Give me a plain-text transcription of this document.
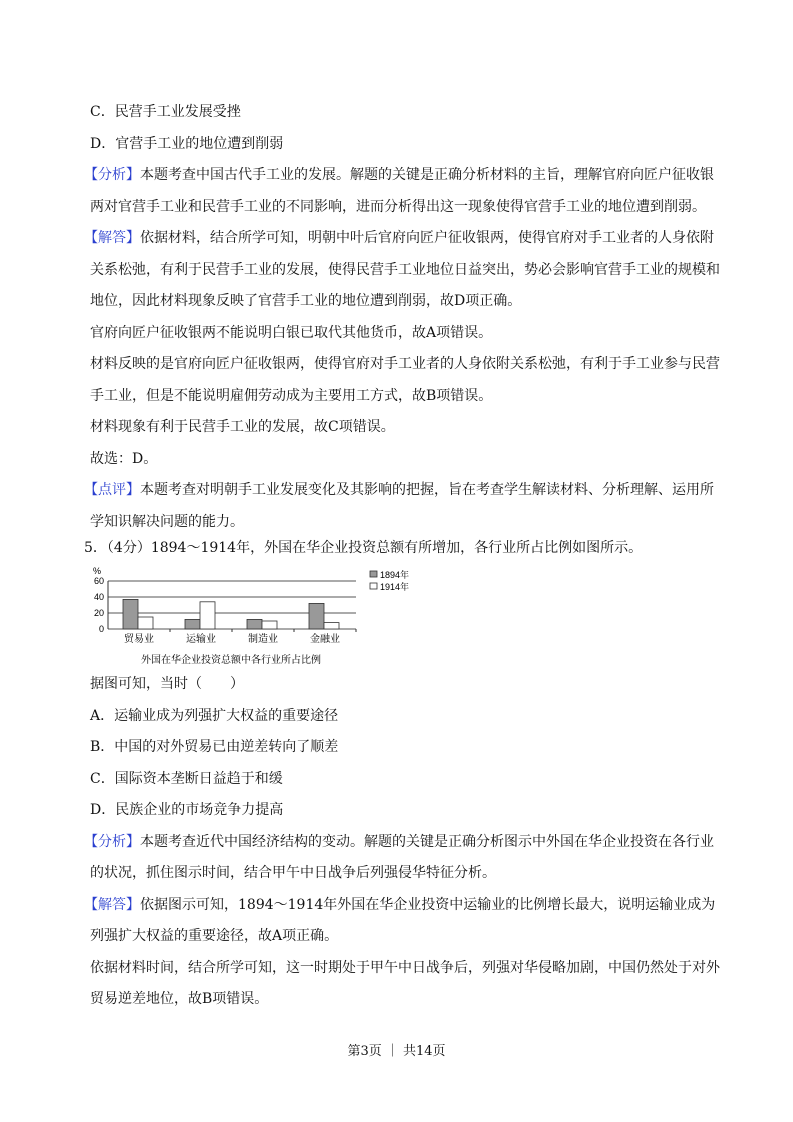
C．民营手工业发展受挫

D．官营手工业的地位遭到削弱

【分析】本题考查中国古代手工业的发展。解题的关键是正确分析材料的主旨，理解官府向匠户征收银两对官营手工业和民营手工业的不同影响，进而分析得出这一现象使得官营手工业的地位遭到削弱。

【解答】依据材料，结合所学可知，明朝中叶后官府向匠户征收银两，使得官府对手工业者的人身依附关系松弛，有利于民营手工业的发展，使得民营手工业地位日益突出，势必会影响官营手工业的规模和地位，因此材料现象反映了官营手工业的地位遭到削弱，故D项正确。

官府向匠户征收银两不能说明白银已取代其他货币，故A项错误。

材料反映的是官府向匠户征收银两，使得官府对手工业者的人身依附关系松弛，有利于手工业参与民营手工业，但是不能说明雇佣劳动成为主要用工方式，故B项错误。

材料现象有利于民营手工业的发展，故C项错误。

故选：D。

【点评】本题考查对明朝手工业发展变化及其影响的把握，旨在考查学生解读材料、分析理解、运用所学知识解决问题的能力。

5．（4分）1894～1914年，外国在华企业投资总额有所增加，各行业所占比例如图所示。
%
0
20
40
60
贸易业	运输业	制造业	金融业
1894年
1914年
外国在华企业投资总额中各行业所占比例

据图可知，当时（　　）

A．运输业成为列强扩大权益的重要途径

B．中国的对外贸易已由逆差转向了顺差

C．国际资本垄断日益趋于和缓

D．民族企业的市场竞争力提高

【分析】本题考查近代中国经济结构的变动。解题的关键是正确分析图示中外国在华企业投资在各行业的状况，抓住图示时间，结合甲午中日战争后列强侵华特征分析。

【解答】依据图示可知，1894～1914年外国在华企业投资中运输业的比例增长最大，说明运输业成为列强扩大权益的重要途径，故A项正确。

依据材料时间，结合所学可知，这一时期处于甲午中日战争后，列强对华侵略加剧，中国仍然处于对外贸易逆差地位，故B项错误。

第3页 ｜ 共14页
